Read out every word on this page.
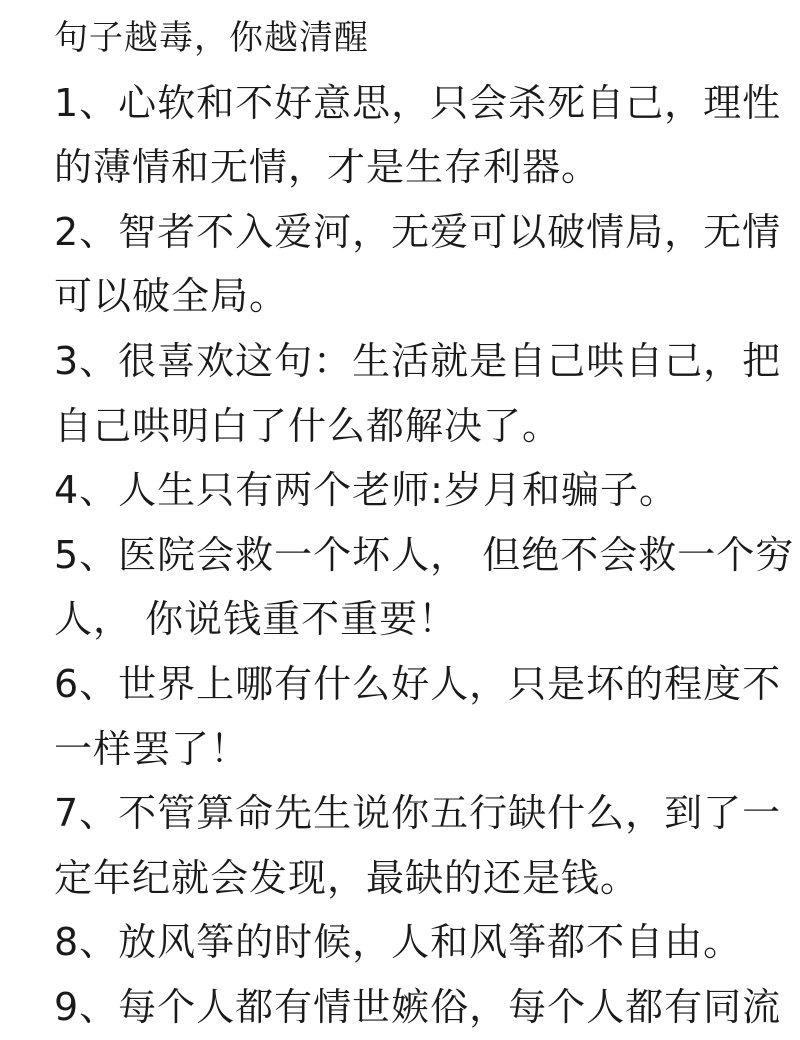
句子越毒，你越清醒
1、心软和不好意思，只会杀死自己，理性
的薄情和无情，才是生存利器。
2、智者不入爱河，无爱可以破情局，无情
可以破全局。
3、很喜欢这句：生活就是自己哄自己，把
自己哄明白了什么都解决了。
4、人生只有两个老师:岁月和骗子。
5、医院会救一个坏人， 但绝不会救一个穷
人， 你说钱重不重要！
6、世界上哪有什么好人，只是坏的程度不
一样罢了！
7、不管算命先生说你五行缺什么，到了一
定年纪就会发现，最缺的还是钱。
8、放风筝的时候，人和风筝都不自由。
9、每个人都有情世嫉俗，每个人都有同流
